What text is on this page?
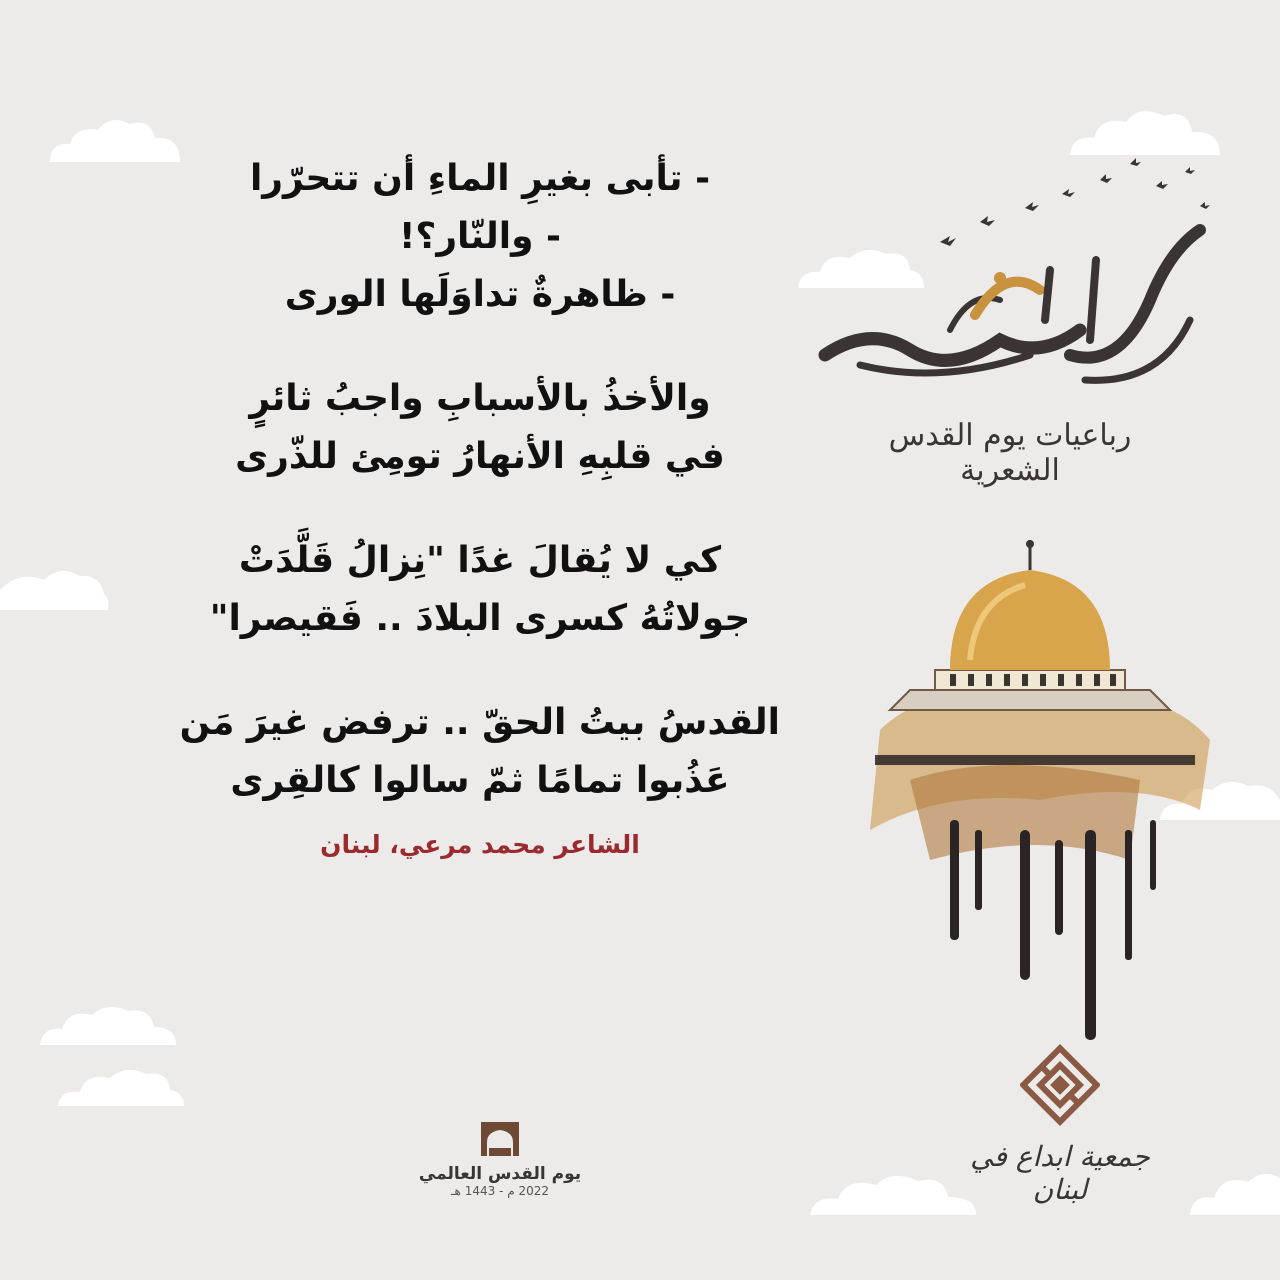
- تأبى بغيرِ الماءِ أن تتحرّرا
- والنّار؟!
- ظاهرةٌ تداوَلَها الورى
والأخذُ بالأسبابِ واجبُ ثائرٍ
في قلبِهِ الأنهارُ تومِئ للذّرى
كي لا يُقالَ غدًا "نِزالُ قَلَّدَتْ
جولاتُهُ كسرى البلادَ .. فَقيصرا"
القدسُ بيتُ الحقّ .. ترفض غيرَ مَن
عَذُبوا تمامًا ثمّ سالوا كالقِرى
الشاعر محمد مرعي، لبنان
رباعيات يوم القدس الشعرية
جمعية ابداع في لبنان
يوم القدس العالمي
2022 م - 1443 هـ
